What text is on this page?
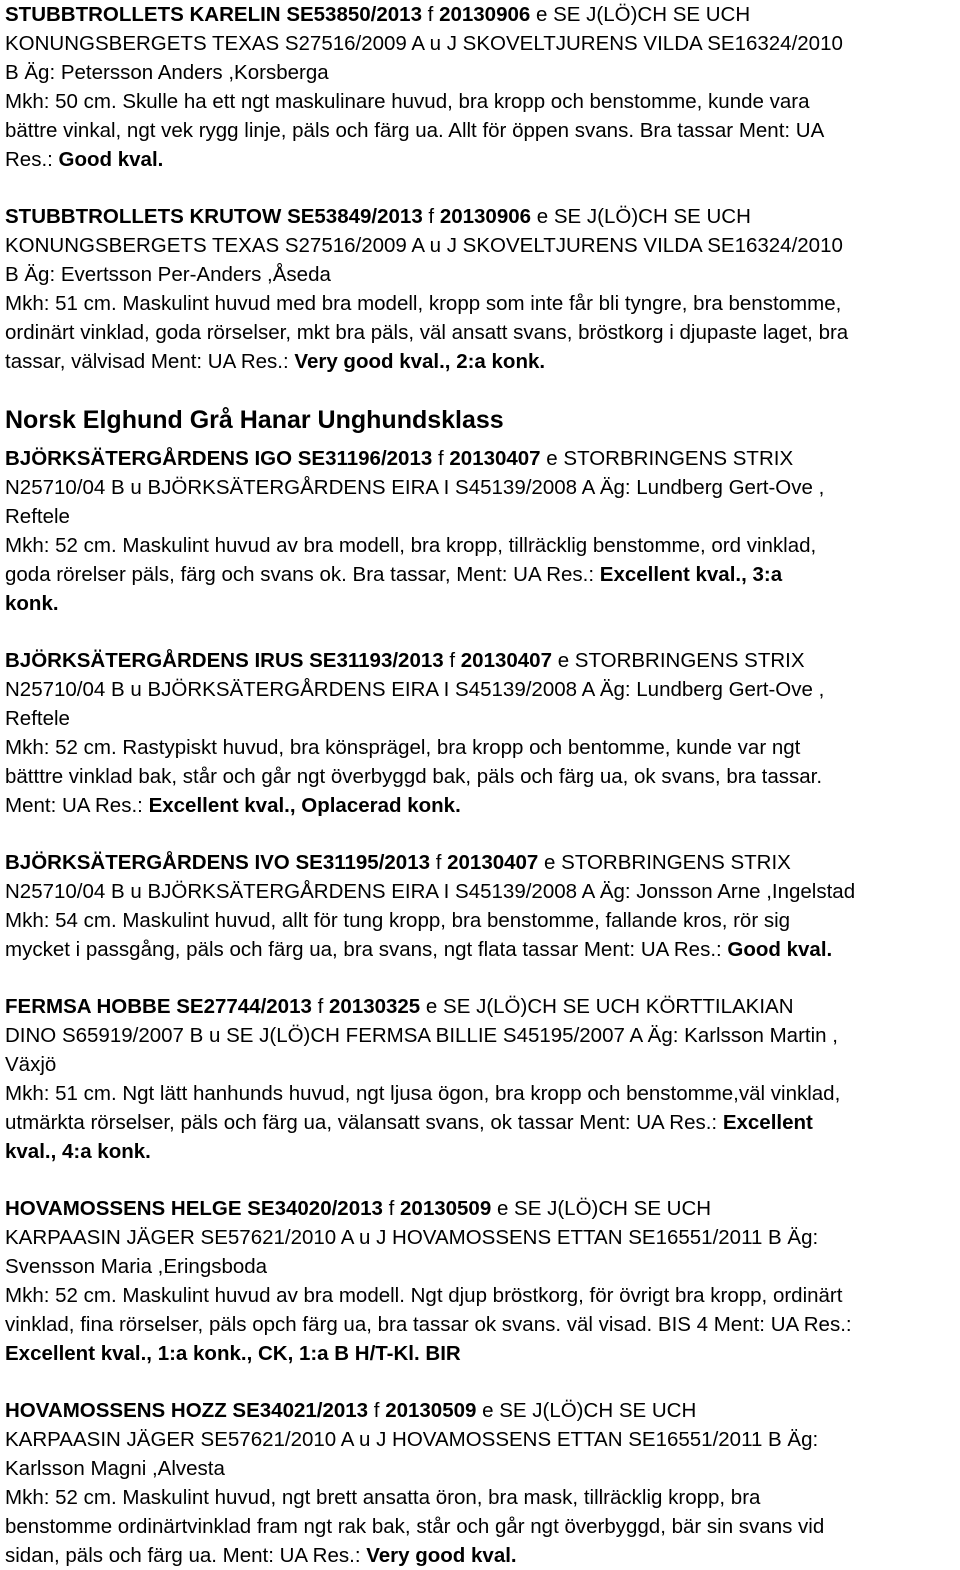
STUBBTROLLETS KARELIN SE53850/2013 f 20130906 e SE J(LÖ)CH SE UCH

KONUNGSBERGETS TEXAS S27516/2009 A u J SKOVELTJURENS VILDA SE16324/2010

B Äg: Petersson Anders ,Korsberga

Mkh: 50 cm. Skulle ha ett ngt maskulinare huvud, bra kropp och benstomme, kunde vara

bättre vinkal, ngt vek rygg linje, päls och färg ua. Allt för öppen svans. Bra tassar Ment: UA

Res.: Good kval.

STUBBTROLLETS KRUTOW SE53849/2013 f 20130906 e SE J(LÖ)CH SE UCH

KONUNGSBERGETS TEXAS S27516/2009 A u J SKOVELTJURENS VILDA SE16324/2010

B Äg: Evertsson Per-Anders ,Åseda

Mkh: 51 cm. Maskulint huvud med bra modell, kropp som inte får bli tyngre, bra benstomme,

ordinärt vinklad, goda rörselser, mkt bra päls, väl ansatt svans, bröstkorg i djupaste laget, bra

tassar, välvisad Ment: UA Res.: Very good kval., 2:a konk.

Norsk Elghund Grå Hanar Unghundsklass

BJÖRKSÄTERGÅRDENS IGO SE31196/2013 f 20130407 e STORBRINGENS STRIX

N25710/04 B u BJÖRKSÄTERGÅRDENS EIRA I S45139/2008 A Äg: Lundberg Gert-Ove ,

Reftele

Mkh: 52 cm. Maskulint huvud av bra modell, bra kropp, tillräcklig benstomme, ord vinklad,

goda rörelser päls, färg och svans ok. Bra tassar, Ment: UA Res.: Excellent kval., 3:a

konk.

BJÖRKSÄTERGÅRDENS IRUS SE31193/2013 f 20130407 e STORBRINGENS STRIX

N25710/04 B u BJÖRKSÄTERGÅRDENS EIRA I S45139/2008 A Äg: Lundberg Gert-Ove ,

Reftele

Mkh: 52 cm. Rastypiskt huvud, bra könsprägel, bra kropp och bentomme, kunde var ngt

bätttre vinklad bak, står och går ngt överbyggd bak, päls och färg ua, ok svans, bra tassar.

Ment: UA Res.: Excellent kval., Oplacerad konk.

BJÖRKSÄTERGÅRDENS IVO SE31195/2013 f 20130407 e STORBRINGENS STRIX

N25710/04 B u BJÖRKSÄTERGÅRDENS EIRA I S45139/2008 A Äg: Jonsson Arne ,Ingelstad

Mkh: 54 cm. Maskulint huvud, allt för tung kropp, bra benstomme, fallande kros, rör sig

mycket i passgång, päls och färg ua, bra svans, ngt flata tassar Ment: UA Res.: Good kval.

FERMSA HOBBE SE27744/2013 f 20130325 e SE J(LÖ)CH SE UCH KÖRTTILAKIAN

DINO S65919/2007 B u SE J(LÖ)CH FERMSA BILLIE S45195/2007 A Äg: Karlsson Martin ,

Växjö

Mkh: 51 cm. Ngt lätt hanhunds huvud, ngt ljusa ögon, bra kropp och benstomme,väl vinklad,

utmärkta rörselser, päls och färg ua, välansatt svans, ok tassar Ment: UA Res.: Excellent

kval., 4:a konk.

HOVAMOSSENS HELGE SE34020/2013 f 20130509 e SE J(LÖ)CH SE UCH

KARPAASIN JÄGER SE57621/2010 A u J HOVAMOSSENS ETTAN SE16551/2011 B Äg:

Svensson Maria ,Eringsboda

Mkh: 52 cm. Maskulint huvud av bra modell. Ngt djup bröstkorg, för övrigt bra kropp, ordinärt

vinklad, fina rörselser, päls opch färg ua, bra tassar ok svans. väl visad. BIS 4 Ment: UA Res.:

Excellent kval., 1:a konk., CK, 1:a B H/T-Kl. BIR

HOVAMOSSENS HOZZ SE34021/2013 f 20130509 e SE J(LÖ)CH SE UCH

KARPAASIN JÄGER SE57621/2010 A u J HOVAMOSSENS ETTAN SE16551/2011 B Äg:

Karlsson Magni ,Alvesta

Mkh: 52 cm. Maskulint huvud, ngt brett ansatta öron, bra mask, tillräcklig kropp, bra

benstomme ordinärtvinklad fram ngt rak bak, står och går ngt överbyggd, bär sin svans vid

sidan, päls och färg ua. Ment: UA Res.: Very good kval.
